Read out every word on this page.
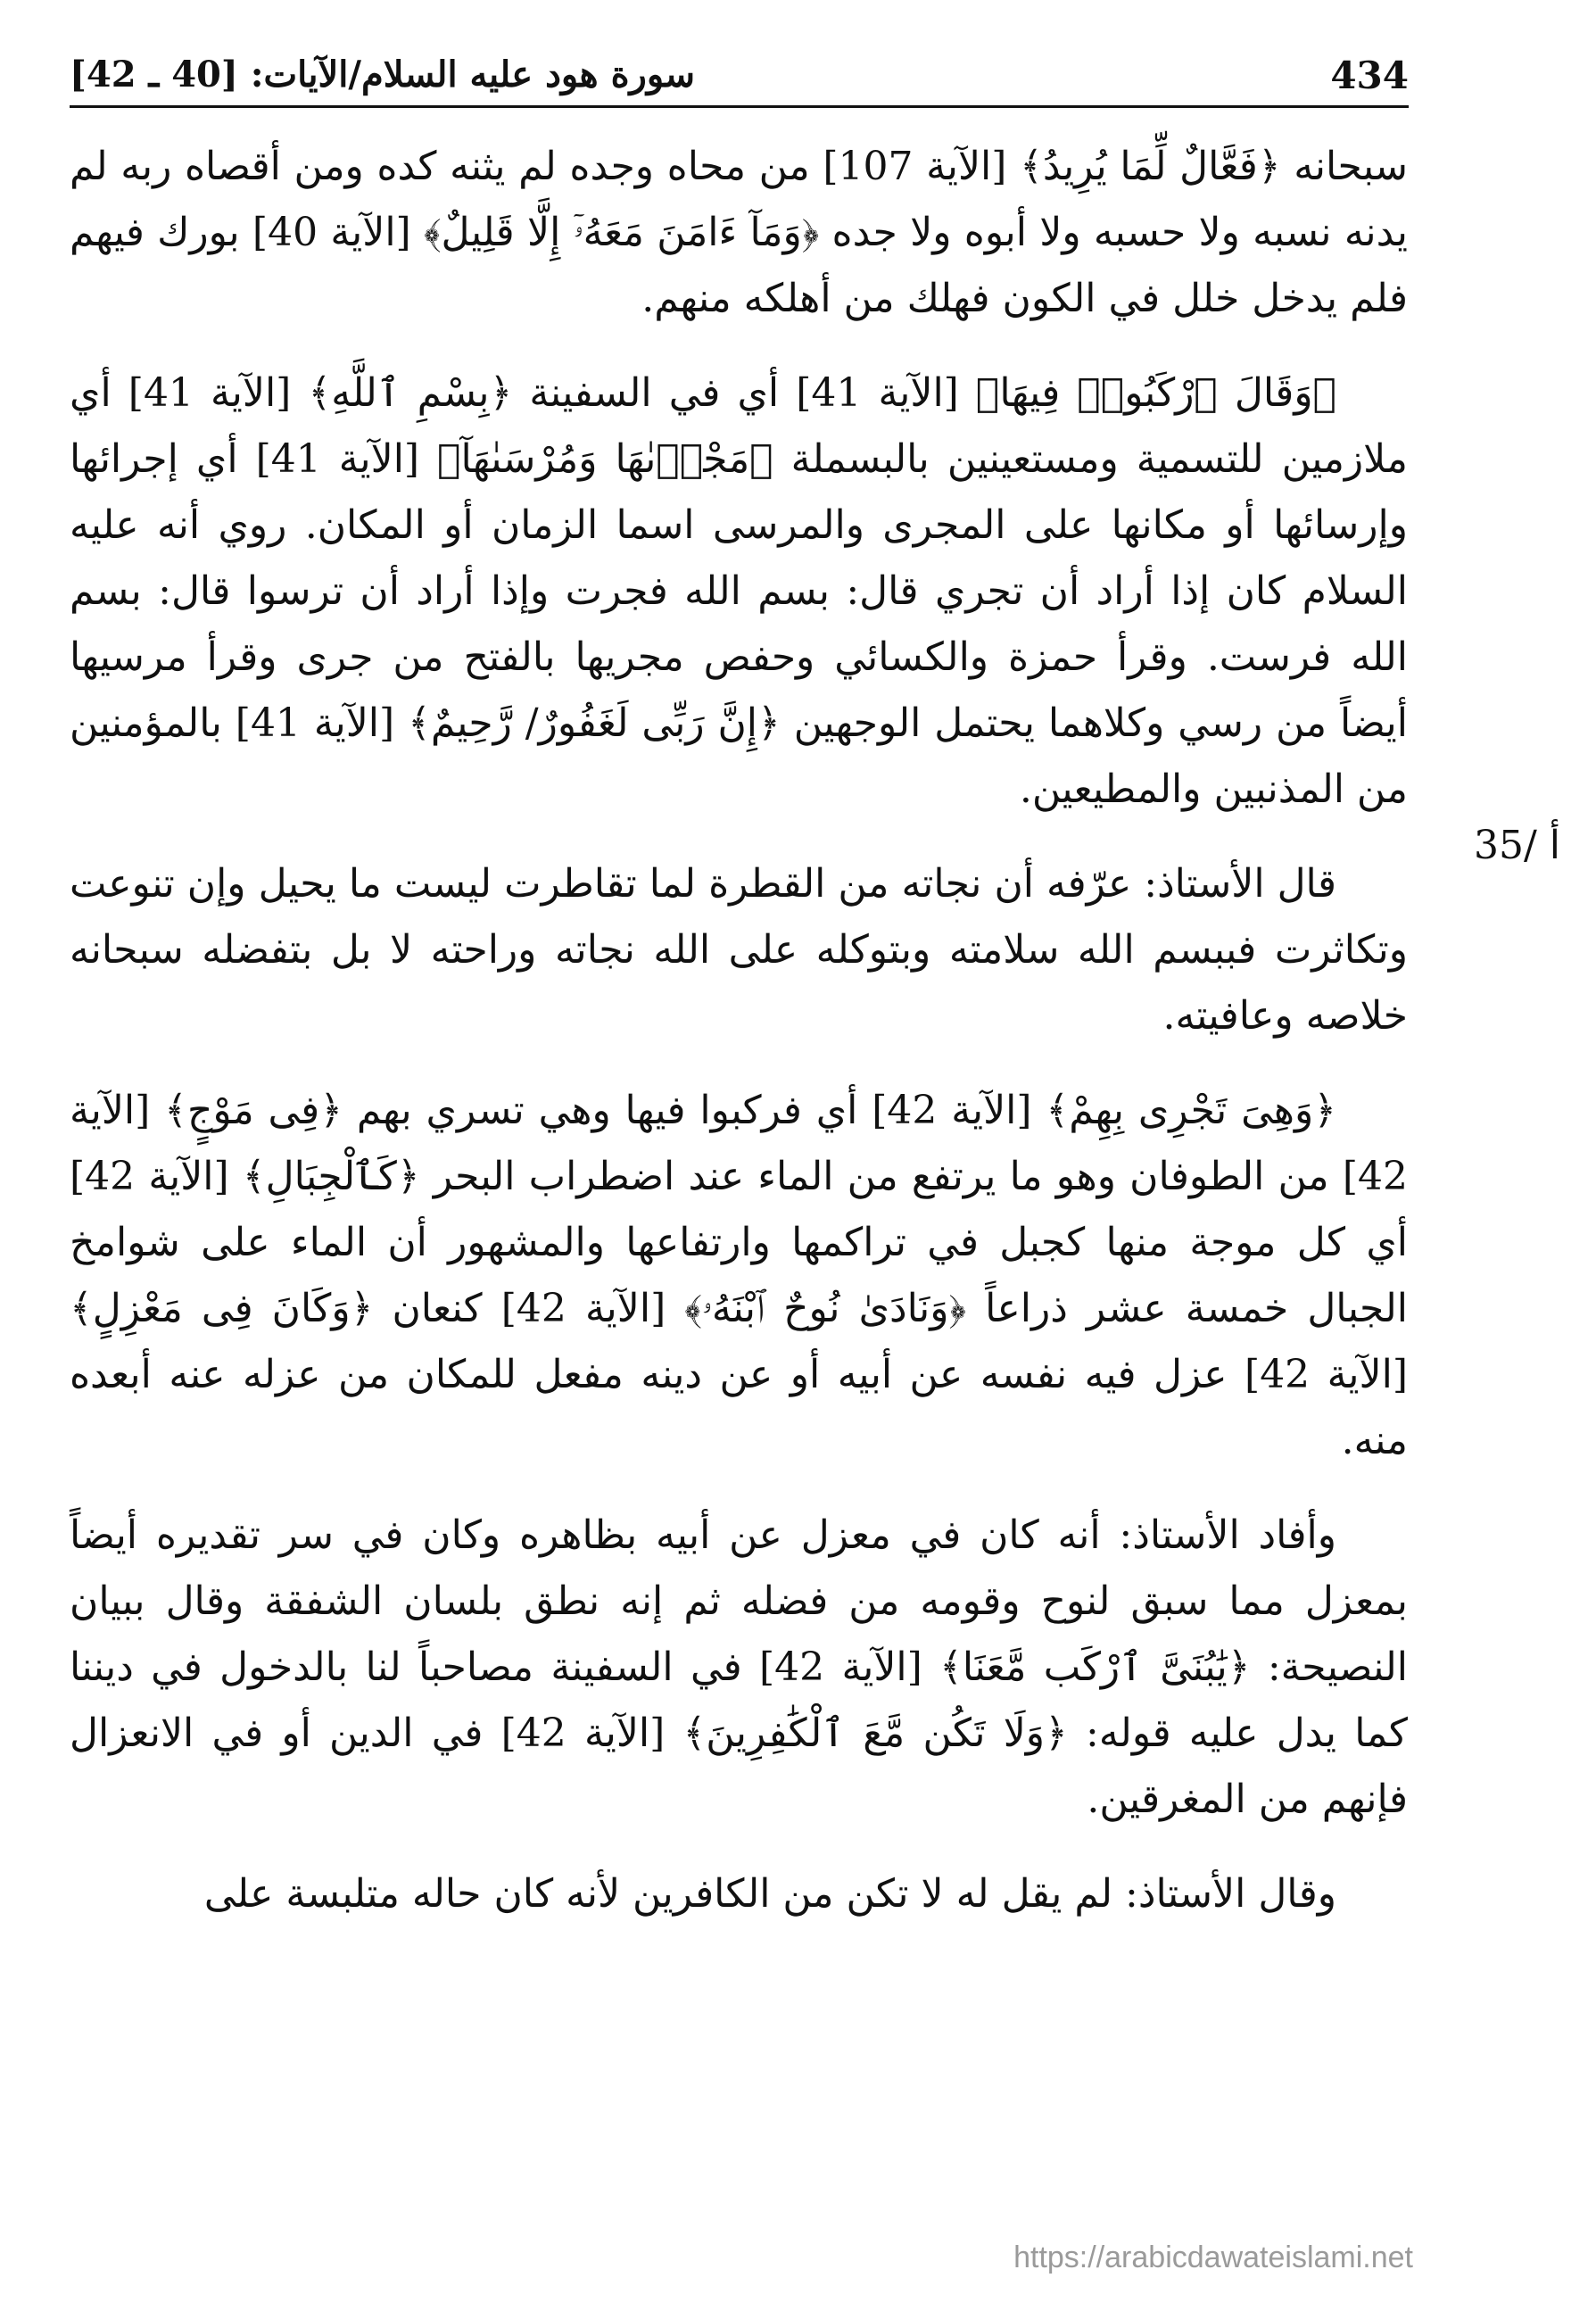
434
سورة هود عليه السلام/الآيات: [40 ـ 42]
35/ أ

سبحانه ﴿فَعَّالٌ لِّمَا يُرِيدُ﴾ [الآية 107] من محاه وجده لم يثنه كده ومن أقصاه ربه لم يدنه نسبه ولا حسبه ولا أبوه ولا جده ﴿وَمَآ ءَامَنَ مَعَهُۥٓ إِلَّا قَلِيلٌ﴾ [الآية 40] بورك فيهم فلم يدخل خلل في الكون فهلك من أهلكه منهم.

﴿وَقَالَ ٱرْكَبُوا۟ فِيهَا﴾ [الآية 41] أي في السفينة ﴿بِسْمِ ٱللَّهِ﴾ [الآية 41] أي ملازمين للتسمية ومستعينين بالبسملة ﴿مَجْرٜىٰهَا وَمُرْسَىٰهَآ﴾ [الآية 41] أي إجرائها وإرسائها أو مكانها على المجرى والمرسى اسما الزمان أو المكان. روي أنه عليه السلام كان إذا أراد أن تجري قال: بسم الله فجرت وإذا أراد أن ترسوا قال: بسم الله فرست. وقرأ حمزة والكسائي وحفص مجريها بالفتح من جرى وقرأ مرسيها أيضاً من رسي وكلاهما يحتمل الوجهين ﴿إِنَّ رَبِّى لَغَفُورٌ/ رَّحِيمٌ﴾ [الآية 41] بالمؤمنين من المذنبين والمطيعين.

قال الأستاذ: عرّفه أن نجاته من القطرة لما تقاطرت ليست ما يحيل وإن تنوعت وتكاثرت فببسم الله سلامته وبتوكله على الله نجاته وراحته لا بل بتفضله سبحانه خلاصه وعافيته.

﴿وَهِىَ تَجْرِى بِهِمْ﴾ [الآية 42] أي فركبوا فيها وهي تسري بهم ﴿فِى مَوْجٍ﴾ [الآية 42] من الطوفان وهو ما يرتفع من الماء عند اضطراب البحر ﴿كَٱلْجِبَالِ﴾ [الآية 42] أي كل موجة منها كجبل في تراكمها وارتفاعها والمشهور أن الماء على شوامخ الجبال خمسة عشر ذراعاً ﴿وَنَادَىٰ نُوحٌ ٱبْنَهُۥ﴾ [الآية 42] كنعان ﴿وَكَانَ فِى مَعْزِلٍ﴾ [الآية 42] عزل فيه نفسه عن أبيه أو عن دينه مفعل للمكان من عزله عنه أبعده منه.

وأفاد الأستاذ: أنه كان في معزل عن أبيه بظاهره وكان في سر تقديره أيضاً بمعزل مما سبق لنوح وقومه من فضله ثم إنه نطق بلسان الشفقة وقال ببيان النصيحة: ﴿يَٰبُنَىَّ ٱرْكَب مَّعَنَا﴾ [الآية 42] في السفينة مصاحباً لنا بالدخول في ديننا كما يدل عليه قوله: ﴿وَلَا تَكُن مَّعَ ٱلْكَٰفِرِينَ﴾ [الآية 42] في الدين أو في الانعزال فإنهم من المغرقين.

وقال الأستاذ: لم يقل له لا تكن من الكافرين لأنه كان حاله متلبسة على

https://arabicdawateislami.net
